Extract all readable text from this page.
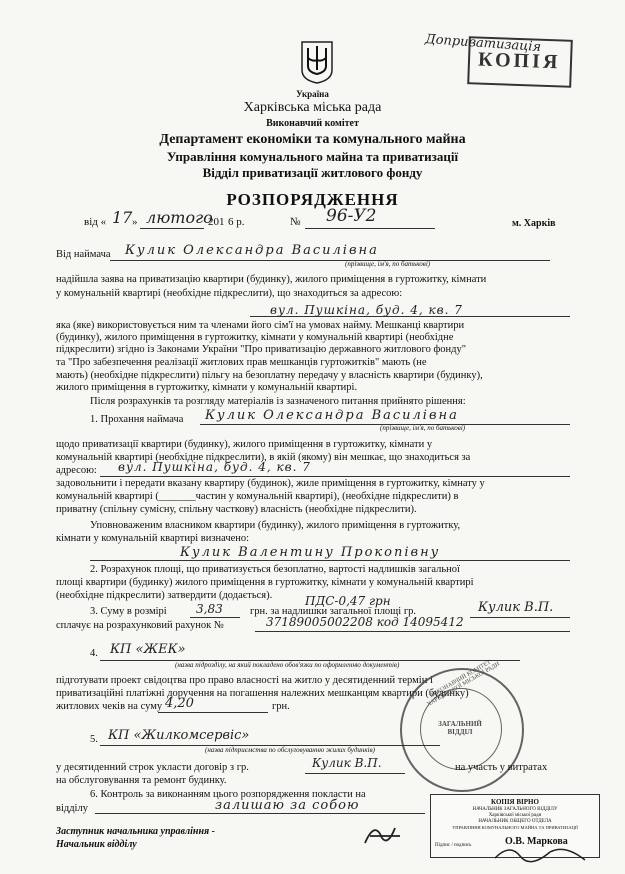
КОПІЯ
Доприватизація
Україна
Харківська міська рада
Виконавчий комітет
Департамент економіки та комунального майна
Управління комунального майна та приватизації
Відділ приватизації житлового фонду
РОЗПОРЯДЖЕННЯ
від « 17 » лютого
201 6 р.	№ 96-У2	м. Харків
Від наймача Кулик Олександра Василівна
(прізвище, ім'я, по батькові)
надійшла заява на приватизацію квартири (будинку), жилого приміщення в гуртожитку, кімнати
у комунальній квартирі (необхідне підкреслити), що знаходиться за адресою:
вул. Пушкіна, буд. 4, кв. 7
яка (яке) використовується ним та членами його сім'ї на умовах найму. Мешканці квартири
(будинку), жилого приміщення в гуртожитку, кімнати у комунальній квартирі (необхідне
підкреслити) згідно із Законами України "Про приватизацію державного житлового фонду"
та "Про забезпечення реалізації житлових прав мешканців гуртожитків" мають (не
мають) (необхідне підкреслити) пільгу на безоплатну передачу у власність квартири (будинку),
жилого приміщення в гуртожитку, кімнати у комунальній квартирі.
Після розрахунків та розгляду матеріалів із зазначеного питання прийнято рішення:
1. Прохання наймача Кулик Олександра Василівна
(прізвище, ім'я, по батькові)
щодо приватизації квартири (будинку), жилого приміщення в гуртожитку, кімнати у
комунальній квартирі (необхідне підкреслити), в якій (якому) він мешкає, що знаходиться за
адресою: вул. Пушкіна, буд. 4, кв. 7
задовольнити і передати вказану квартиру (будинок), жиле приміщення в гуртожитку, кімнату у
комунальній квартирі (_______частин у комунальній квартирі), (необхідне підкреслити) в
приватну (спільну сумісну, спільну часткову) власність (необхідне підкреслити).
Уповноваженим власником квартири (будинку), жилого приміщення в гуртожитку,
кімнати у комунальній квартирі визначено:
Кулик Валентину Прокопівну
2. Розрахунок площі, що приватизується безоплатно, вартості надлишків загальної
площі квартири (будинку) жилого приміщення в гуртожитку, кімнати у комунальній квартирі
(необхідне підкреслити) затвердити (додається).	ПДС-0,47 грн
3. Суму в розмірі 3,83	грн. за надлишки загальної площі гр.	Кулик В.П.
сплачує на розрахунковий рахунок №	37189005002208 код 14095412
4. КП «ЖЕК»
(назва підрозділу, на який покладено обов'язки по оформленню документів)
підготувати проект свідоцтва про право власності на житло у десятиденний термін і
приватизаційні платіжні доручення на погашення належних мешканцям квартири (будинку)
житлових чеків на суму 4,20	грн.
ВИКОНАВЧИЙ КОМІТЕТ ХАРКІВСЬКОЇ МІСЬКОЇ РАДИ
ЗАГАЛЬНИЙ ВІДДІЛ
5. КП «Жилкомсервіс»
(назва підприємства по обслуговуванню жилих будинків)
у десятиденний строк укласти договір з гр.	Кулик В.П.	на участь у витратах
на обслуговування та ремонт будинку.
6. Контроль за виконанням цього розпорядження покласти на
відділу	залишаю за собою	КОПІЯ ВІРНО
НАЧАЛЬНИК ЗАГАЛЬНОГО ВІДДІЛУ
Харківської міської ради
НАЧАЛЬНИК ОБЩЕГО ОТДЕЛА
УПРАВЛІННЯ КОМУНАЛЬНОГО МАЙНА ТА ПРИВАТИЗАЦІЇ
Підпис / подпись
Заступник начальника управління -
Начальник відділу	О.В. Маркова
